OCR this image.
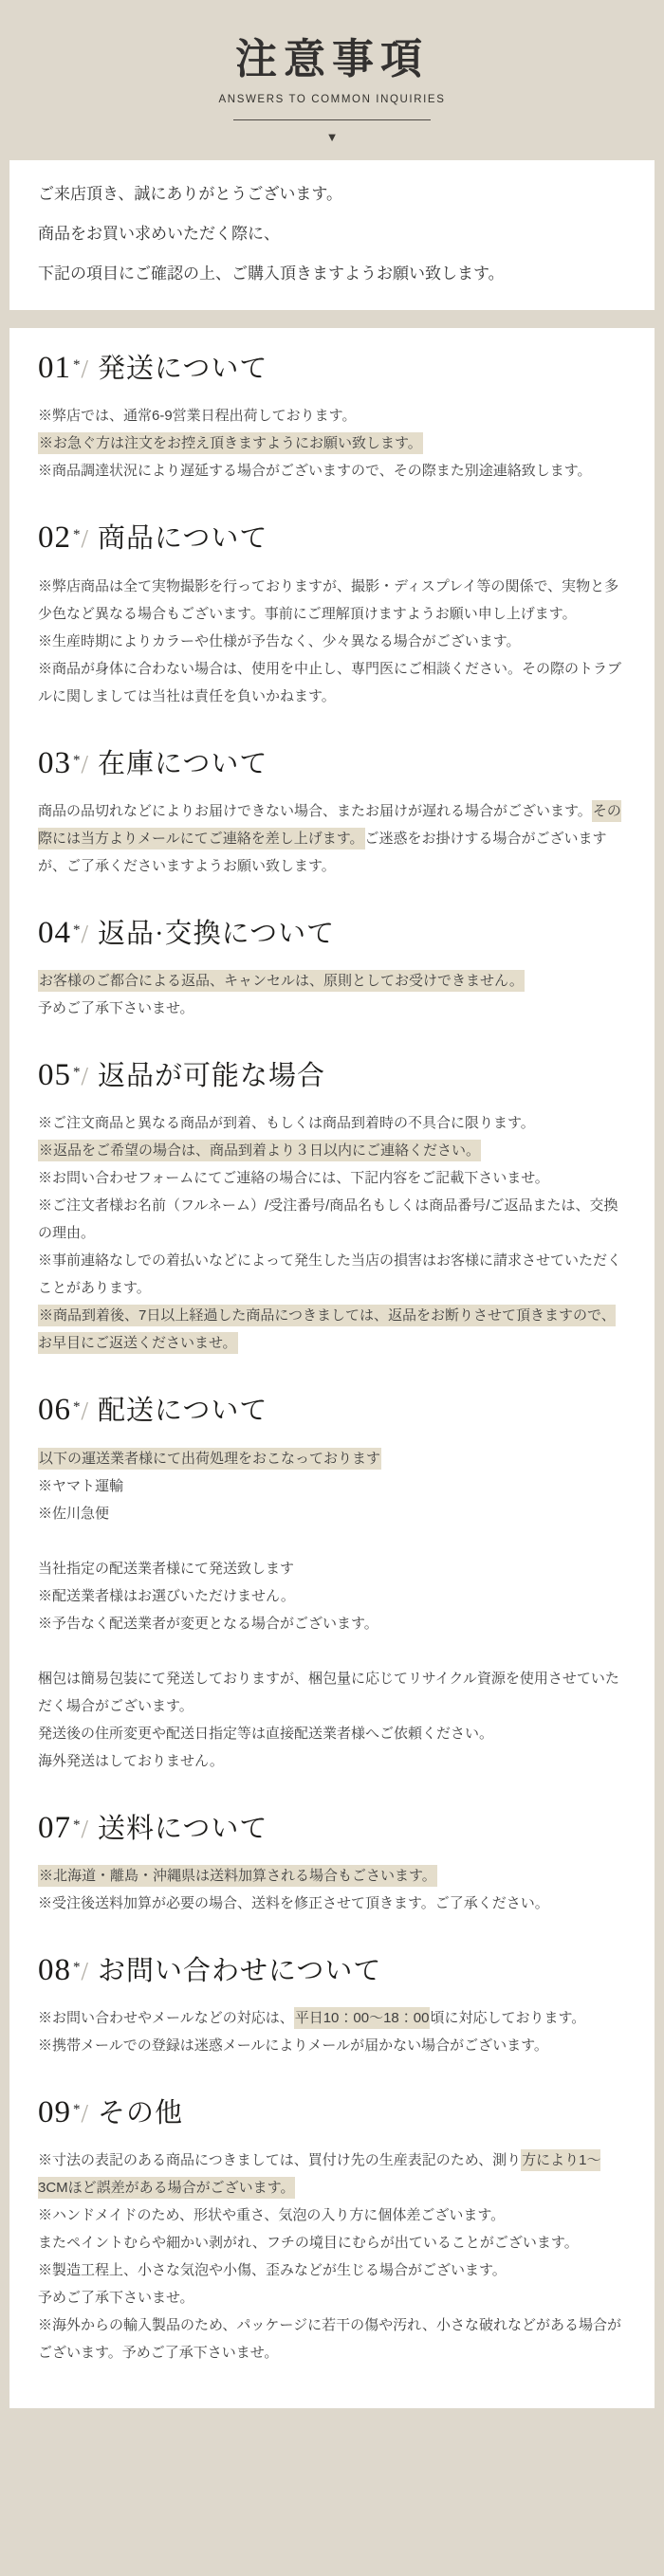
注意事項
ANSWERS TO COMMON INQUIRIES
▼

ご来店頂き、誠にありがとうございます。

商品をお買い求めいただく際に、

下記の項目にご確認の上、ご購入頂きますようお願い致します。

01 */ 発送について

※弊店では、通常6-9営業日程出荷しております。

※お急ぐ方は注文をお控え頂きますようにお願い致します。

※商品調達状況により遅延する場合がございますので、その際また別途連絡致します。

02 */ 商品について

※弊店商品は全て実物撮影を行っておりますが、撮影・ディスプレイ等の関係で、実物と多少色など異なる場合もございます。事前にご理解頂けますようお願い申し上げます。

※生産時期によりカラーや仕様が予告なく、少々異なる場合がございます。

※商品が身体に合わない場合は、使用を中止し、専門医にご相談ください。その際のトラブルに関しましては当社は責任を負いかねます。

03 */ 在庫について

商品の品切れなどによりお届けできない場合、またお届けが遅れる場合がございます。その際には当方よりメールにてご連絡を差し上げます。ご迷惑をお掛けする場合がございますが、ご了承くださいますようお願い致します。

04 */ 返品·交換について

お客様のご都合による返品、キャンセルは、原則としてお受けできません。

予めご了承下さいませ。

05 */ 返品が可能な場合

※ご注文商品と異なる商品が到着、もしくは商品到着時の不具合に限ります。

※返品をご希望の場合は、商品到着より３日以内にご連絡ください。

※お問い合わせフォームにてご連絡の場合には、下記内容をご記載下さいませ。

※ご注文者様お名前（フルネーム）/受注番号/商品名もしくは商品番号/ご返品または、交換の理由。

※事前連絡なしでの着払いなどによって発生した当店の損害はお客様に請求させていただくことがあります。

※商品到着後、7日以上経過した商品につきましては、返品をお断りさせて頂きますので、お早目にご返送くださいませ。

06 */ 配送について

以下の運送業者様にて出荷処理をおこなっております

※ヤマト運輸

※佐川急便

当社指定の配送業者様にて発送致します

※配送業者様はお選びいただけません。

※予告なく配送業者が変更となる場合がございます。

梱包は簡易包装にて発送しておりますが、梱包量に応じてリサイクル資源を使用させていただく場合がございます。

発送後の住所変更や配送日指定等は直接配送業者様へご依頼ください。

海外発送はしておりません。

07 */ 送料について

※北海道・離島・沖縄県は送料加算される場合もごさいます。

※受注後送料加算が必要の場合、送料を修正させて頂きます。ご了承ください。

08 */ お問い合わせについて

※お問い合わせやメールなどの対応は、平日10：00～18：00頃に対応しております。

※携帯メールでの登録は迷惑メールによりメールが届かない場合がございます。

09 */ その他

※寸法の表記のある商品につきましては、買付け先の生産表記のため、測り方により1～3CMほど誤差がある場合がございます。

※ハンドメイドのため、形状や重さ、気泡の入り方に個体差ございます。

またペイントむらや細かい剥がれ、フチの境目にむらが出ていることがございます。

※製造工程上、小さな気泡や小傷、歪みなどが生じる場合がございます。

予めご了承下さいませ。

※海外からの輸入製品のため、パッケージに若干の傷や汚れ、小さな破れなどがある場合がございます。予めご了承下さいませ。
